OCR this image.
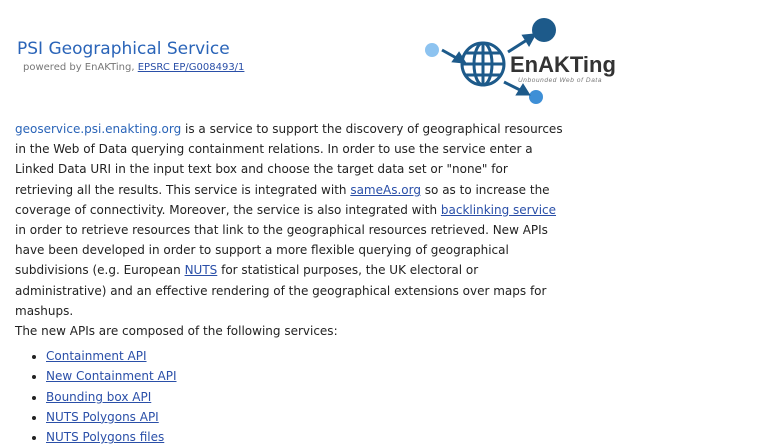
PSI Geographical Service
powered by EnAKTing, EPSRC EP/G008493/1	EnAKTing
Unbounded Web of Data

geoservice.psi.enakting.org is a service to support the discovery of geographical resources in the Web of Data querying containment relations. In order to use the service enter a Linked Data URI in the input text box and choose the target data set or "none" for retrieving all the results. This service is integrated with sameAs.org so as to increase the coverage of connectivity. Moreover, the service is also integrated with backlinking service in order to retrieve resources that link to the geographical resources retrieved. New APIs have been developed in order to support a more flexible querying of geographical subdivisions (e.g. European NUTS for statistical purposes, the UK electoral or administrative) and an effective rendering of the geographical extensions over maps for mashups.

The new APIs are composed of the following services:

• Containment API
• New Containment API
• Bounding box API
• NUTS Polygons API
• NUTS Polygons files
